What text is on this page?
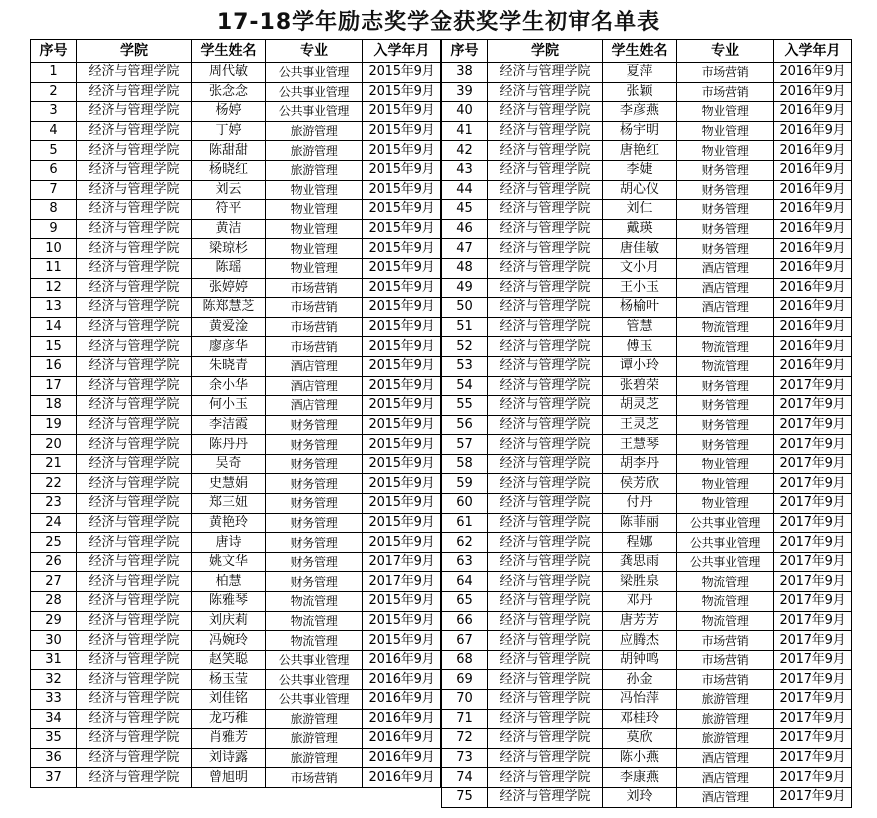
17-18学年励志奖学金获奖学生初审名单表
序号	学院	学生姓名	专业	入学年月
1	经济与管理学院	周代敏	公共事业管理	2015年9月
2	经济与管理学院	张念念	公共事业管理	2015年9月
3	经济与管理学院	杨婷	公共事业管理	2015年9月
4	经济与管理学院	丁婷	旅游管理	2015年9月
5	经济与管理学院	陈甜甜	旅游管理	2015年9月
6	经济与管理学院	杨晓红	旅游管理	2015年9月
7	经济与管理学院	刘云	物业管理	2015年9月
8	经济与管理学院	符平	物业管理	2015年9月
9	经济与管理学院	黄洁	物业管理	2015年9月
10	经济与管理学院	梁琼杉	物业管理	2015年9月
11	经济与管理学院	陈瑶	物业管理	2015年9月
12	经济与管理学院	张婷婷	市场营销	2015年9月
13	经济与管理学院	陈郑慧芝	市场营销	2015年9月
14	经济与管理学院	黄爱淦	市场营销	2015年9月
15	经济与管理学院	廖彦华	市场营销	2015年9月
16	经济与管理学院	朱晓青	酒店管理	2015年9月
17	经济与管理学院	余小华	酒店管理	2015年9月
18	经济与管理学院	何小玉	酒店管理	2015年9月
19	经济与管理学院	李洁霞	财务管理	2015年9月
20	经济与管理学院	陈丹丹	财务管理	2015年9月
21	经济与管理学院	吴奇	财务管理	2015年9月
22	经济与管理学院	史慧娟	财务管理	2015年9月
23	经济与管理学院	郑三妞	财务管理	2015年9月
24	经济与管理学院	黄艳玲	财务管理	2015年9月
25	经济与管理学院	唐诗	财务管理	2015年9月
26	经济与管理学院	姚文华	财务管理	2017年9月
27	经济与管理学院	柏慧	财务管理	2017年9月
28	经济与管理学院	陈雅琴	物流管理	2015年9月
29	经济与管理学院	刘庆莉	物流管理	2015年9月
30	经济与管理学院	冯婉玲	物流管理	2015年9月
31	经济与管理学院	赵笑聪	公共事业管理	2016年9月
32	经济与管理学院	杨玉莹	公共事业管理	2016年9月
33	经济与管理学院	刘佳铭	公共事业管理	2016年9月
34	经济与管理学院	龙巧稚	旅游管理	2016年9月
35	经济与管理学院	肖雅芳	旅游管理	2016年9月
36	经济与管理学院	刘诗露	旅游管理	2016年9月
37	经济与管理学院	曾旭明	市场营销	2016年9月
序号	学院	学生姓名	专业	入学年月
38	经济与管理学院	夏萍	市场营销	2016年9月
39	经济与管理学院	张颖	市场营销	2016年9月
40	经济与管理学院	李彦燕	物业管理	2016年9月
41	经济与管理学院	杨宇明	物业管理	2016年9月
42	经济与管理学院	唐艳红	物业管理	2016年9月
43	经济与管理学院	李婕	财务管理	2016年9月
44	经济与管理学院	胡心仪	财务管理	2016年9月
45	经济与管理学院	刘仁	财务管理	2016年9月
46	经济与管理学院	戴瑛	财务管理	2016年9月
47	经济与管理学院	唐佳敏	财务管理	2016年9月
48	经济与管理学院	文小月	酒店管理	2016年9月
49	经济与管理学院	王小玉	酒店管理	2016年9月
50	经济与管理学院	杨榆叶	酒店管理	2016年9月
51	经济与管理学院	管慧	物流管理	2016年9月
52	经济与管理学院	傅玉	物流管理	2016年9月
53	经济与管理学院	谭小玲	物流管理	2016年9月
54	经济与管理学院	张碧荣	财务管理	2017年9月
55	经济与管理学院	胡灵芝	财务管理	2017年9月
56	经济与管理学院	王灵芝	财务管理	2017年9月
57	经济与管理学院	王慧琴	财务管理	2017年9月
58	经济与管理学院	胡李丹	物业管理	2017年9月
59	经济与管理学院	侯芳欣	物业管理	2017年9月
60	经济与管理学院	付丹	物业管理	2017年9月
61	经济与管理学院	陈菲丽	公共事业管理	2017年9月
62	经济与管理学院	程娜	公共事业管理	2017年9月
63	经济与管理学院	龚思雨	公共事业管理	2017年9月
64	经济与管理学院	梁胜泉	物流管理	2017年9月
65	经济与管理学院	邓丹	物流管理	2017年9月
66	经济与管理学院	唐芳芳	物流管理	2017年9月
67	经济与管理学院	应腾杰	市场营销	2017年9月
68	经济与管理学院	胡钟鸣	市场营销	2017年9月
69	经济与管理学院	孙金	市场营销	2017年9月
70	经济与管理学院	冯怡萍	旅游管理	2017年9月
71	经济与管理学院	邓桂玲	旅游管理	2017年9月
72	经济与管理学院	莫欣	旅游管理	2017年9月
73	经济与管理学院	陈小燕	酒店管理	2017年9月
74	经济与管理学院	李康燕	酒店管理	2017年9月
75	经济与管理学院	刘玲	酒店管理	2017年9月
